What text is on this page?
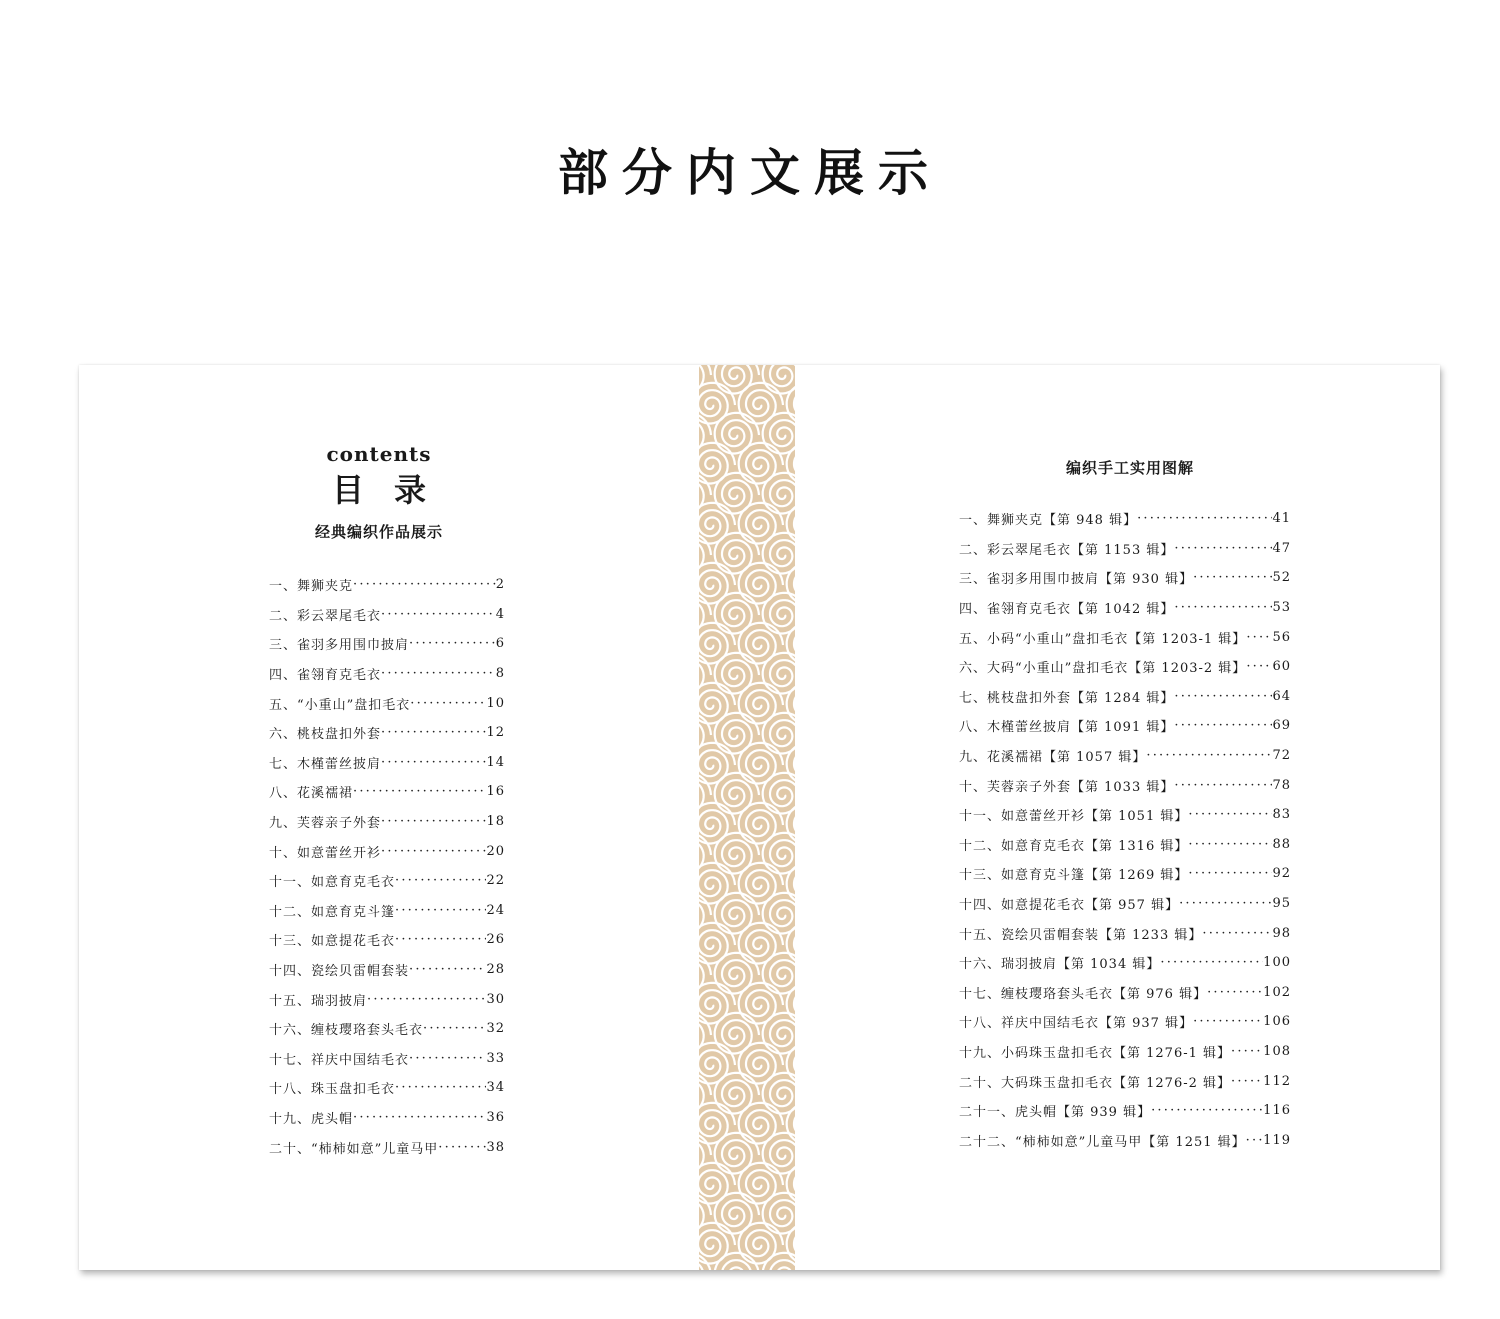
部分内文展示
contents
目录
经典编织作品展示
一、舞狮夹克 ·····	2
二、彩云翠尾毛衣 ·····	4
三、雀羽多用围巾披肩 ·····	6
四、雀翎育克毛衣 ·····	8
五、“小重山”盘扣毛衣 ·····	10
六、桃枝盘扣外套 ·····	12
七、木槿蕾丝披肩 ·····	14
八、花溪襦裙 ·····	16
九、芙蓉亲子外套 ·····	18
十、如意蕾丝开衫 ·····	20
十一、如意育克毛衣 ·····	22
十二、如意育克斗篷 ·····	24
十三、如意提花毛衣 ·····	26
十四、瓷绘贝雷帽套装 ·····	28
十五、瑞羽披肩 ·····	30
十六、缠枝璎珞套头毛衣 ·····	32
十七、祥庆中国结毛衣 ·····	33
十八、珠玉盘扣毛衣 ·····	34
十九、虎头帽 ·····	36
二十、“柿柿如意”儿童马甲 ·····	38
编织手工实用图解
一、舞狮夹克【第 948 辑】 ·····	41
二、彩云翠尾毛衣【第 1153 辑】 ·····	47
三、雀羽多用围巾披肩【第 930 辑】 ·····	52
四、雀翎育克毛衣【第 1042 辑】 ·····	53
五、小码“小重山”盘扣毛衣【第 1203-1 辑】 ····· 56
六、大码“小重山”盘扣毛衣【第 1203-2 辑】 ····· 60
七、桃枝盘扣外套【第 1284 辑】 ·····	64
八、木槿蕾丝披肩【第 1091 辑】 ·····	69
九、花溪襦裙【第 1057 辑】 ·····	72
十、芙蓉亲子外套【第 1033 辑】 ·····	78
十一、如意蕾丝开衫【第 1051 辑】 ·····	83
十二、如意育克毛衣【第 1316 辑】 ·····	88
十三、如意育克斗篷【第 1269 辑】 ·····	92
十四、如意提花毛衣【第 957 辑】 ·····	95
十五、瓷绘贝雷帽套装【第 1233 辑】 ·····	98
十六、瑞羽披肩【第 1034 辑】 ·····	100
十七、缠枝璎珞套头毛衣【第 976 辑】 ·····	102
十八、祥庆中国结毛衣【第 937 辑】 ·····	106
十九、小码珠玉盘扣毛衣【第 1276-1 辑】 ····· 108
二十、大码珠玉盘扣毛衣【第 1276-2 辑】 ····· 112
二十一、虎头帽【第 939 辑】 ·····	116
二十二、“柿柿如意”儿童马甲【第 1251 辑】 ····· 119
